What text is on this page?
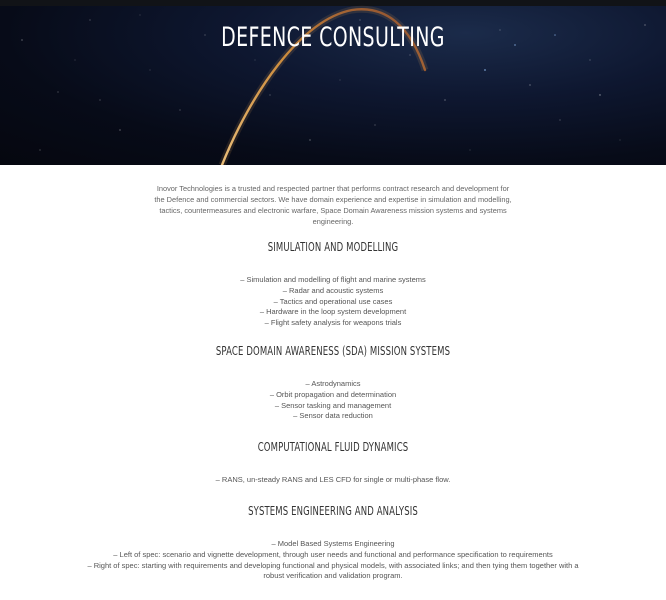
DEFENCE CONSULTING
Inovor Technologies is a trusted and respected partner that performs contract research and development for the Defence and commercial sectors. We have domain experience and expertise in simulation and modelling, tactics, countermeasures and electronic warfare, Space Domain Awareness mission systems and systems engineering.
SIMULATION AND MODELLING
– Simulation and modelling of flight and marine systems
– Radar and acoustic systems
– Tactics and operational use cases
– Hardware in the loop system development
– Flight safety analysis for weapons trials
SPACE DOMAIN AWARENESS (SDA) MISSION SYSTEMS
– Astrodynamics
– Orbit propagation and determination
– Sensor tasking and management
– Sensor data reduction
COMPUTATIONAL FLUID DYNAMICS
– RANS, un-steady RANS and LES CFD for single or multi-phase flow.
SYSTEMS ENGINEERING AND ANALYSIS
– Model Based Systems Engineering
– Left of spec: scenario and vignette development, through user needs and functional and performance specification to requirements
– Right of spec: starting with requirements and developing functional and physical models, with associated links; and then tying them together with a robust verification and validation program.
